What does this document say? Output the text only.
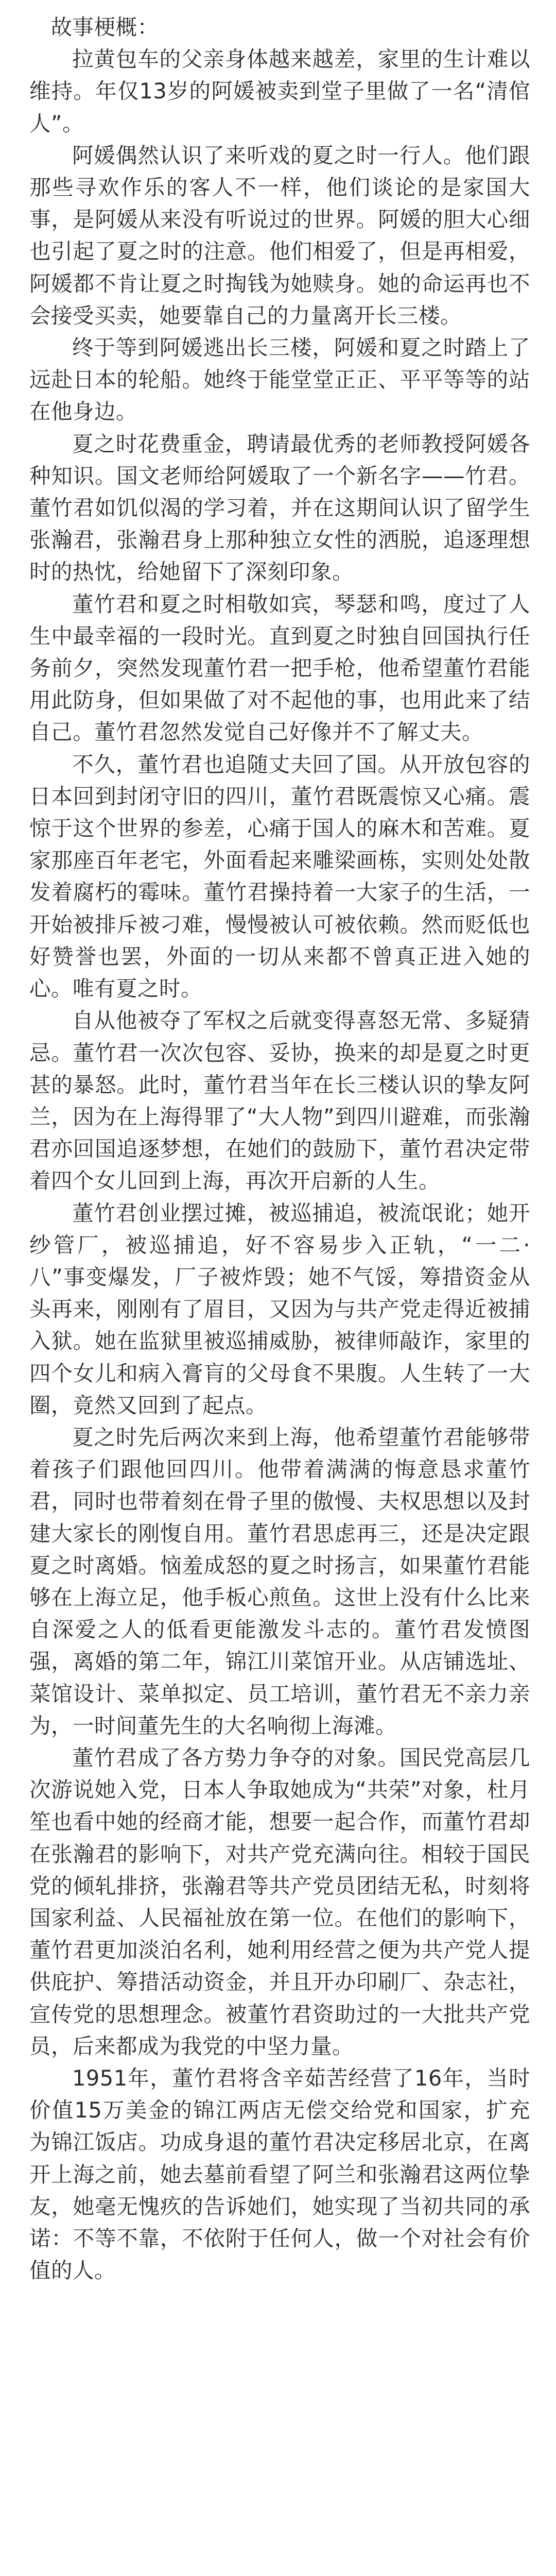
故事梗概：

拉黄包车的父亲身体越来越差，家里的生计难以维持。年仅13岁的阿媛被卖到堂子里做了一名“清倌人”。

阿媛偶然认识了来听戏的夏之时一行人。他们跟那些寻欢作乐的客人不一样，他们谈论的是家国大事，是阿媛从来没有听说过的世界。阿媛的胆大心细也引起了夏之时的注意。他们相爱了，但是再相爱，阿媛都不肯让夏之时掏钱为她赎身。她的命运再也不会接受买卖，她要靠自己的力量离开长三楼。

终于等到阿媛逃出长三楼，阿媛和夏之时踏上了远赴日本的轮船。她终于能堂堂正正、平平等等的站在他身边。

夏之时花费重金，聘请最优秀的老师教授阿媛各种知识。国文老师给阿媛取了一个新名字——竹君。董竹君如饥似渴的学习着，并在这期间认识了留学生张瀚君，张瀚君身上那种独立女性的洒脱，追逐理想时的热忱，给她留下了深刻印象。

董竹君和夏之时相敬如宾，琴瑟和鸣，度过了人生中最幸福的一段时光。直到夏之时独自回国执行任务前夕，突然发现董竹君一把手枪，他希望董竹君能用此防身，但如果做了对不起他的事，也用此来了结自己。董竹君忽然发觉自己好像并不了解丈夫。

不久，董竹君也追随丈夫回了国。从开放包容的日本回到封闭守旧的四川，董竹君既震惊又心痛。震惊于这个世界的参差，心痛于国人的麻木和苦难。夏家那座百年老宅，外面看起来雕梁画栋，实则处处散发着腐朽的霉味。董竹君操持着一大家子的生活，一开始被排斥被刁难，慢慢被认可被依赖。然而贬低也好赞誉也罢，外面的一切从来都不曾真正进入她的心。唯有夏之时。

自从他被夺了军权之后就变得喜怒无常、多疑猜忌。董竹君一次次包容、妥协，换来的却是夏之时更甚的暴怒。此时，董竹君当年在长三楼认识的挚友阿兰，因为在上海得罪了“大人物”到四川避难，而张瀚君亦回国追逐梦想，在她们的鼓励下，董竹君决定带着四个女儿回到上海，再次开启新的人生。

董竹君创业摆过摊，被巡捕追，被流氓讹；她开纱管厂，被巡捕追，好不容易步入正轨，“一二·八”事变爆发，厂子被炸毁；她不气馁，筹措资金从头再来，刚刚有了眉目，又因为与共产党走得近被捕入狱。她在监狱里被巡捕威胁，被律师敲诈，家里的四个女儿和病入膏肓的父母食不果腹。人生转了一大圈，竟然又回到了起点。

夏之时先后两次来到上海，他希望董竹君能够带着孩子们跟他回四川。他带着满满的悔意恳求董竹君，同时也带着刻在骨子里的傲慢、夫权思想以及封建大家长的刚愎自用。董竹君思虑再三，还是决定跟夏之时离婚。恼羞成怒的夏之时扬言，如果董竹君能够在上海立足，他手板心煎鱼。这世上没有什么比来自深爱之人的低看更能激发斗志的。董竹君发愤图强，离婚的第二年，锦江川菜馆开业。从店铺选址、菜馆设计、菜单拟定、员工培训，董竹君无不亲力亲为，一时间董先生的大名响彻上海滩。

董竹君成了各方势力争夺的对象。国民党高层几次游说她入党，日本人争取她成为“共荣”对象，杜月笙也看中她的经商才能，想要一起合作，而董竹君却在张瀚君的影响下，对共产党充满向往。相较于国民党的倾轧排挤，张瀚君等共产党员团结无私，时刻将国家利益、人民福祉放在第一位。在他们的影响下，董竹君更加淡泊名利，她利用经营之便为共产党人提供庇护、筹措活动资金，并且开办印刷厂、杂志社，宣传党的思想理念。被董竹君资助过的一大批共产党员，后来都成为我党的中坚力量。

1951年，董竹君将含辛茹苦经营了16年，当时价值15万美金的锦江两店无偿交给党和国家，扩充为锦江饭店。功成身退的董竹君决定移居北京，在离开上海之前，她去墓前看望了阿兰和张瀚君这两位挚友，她毫无愧疚的告诉她们，她实现了当初共同的承诺：不等不靠，不依附于任何人，做一个对社会有价值的人。
